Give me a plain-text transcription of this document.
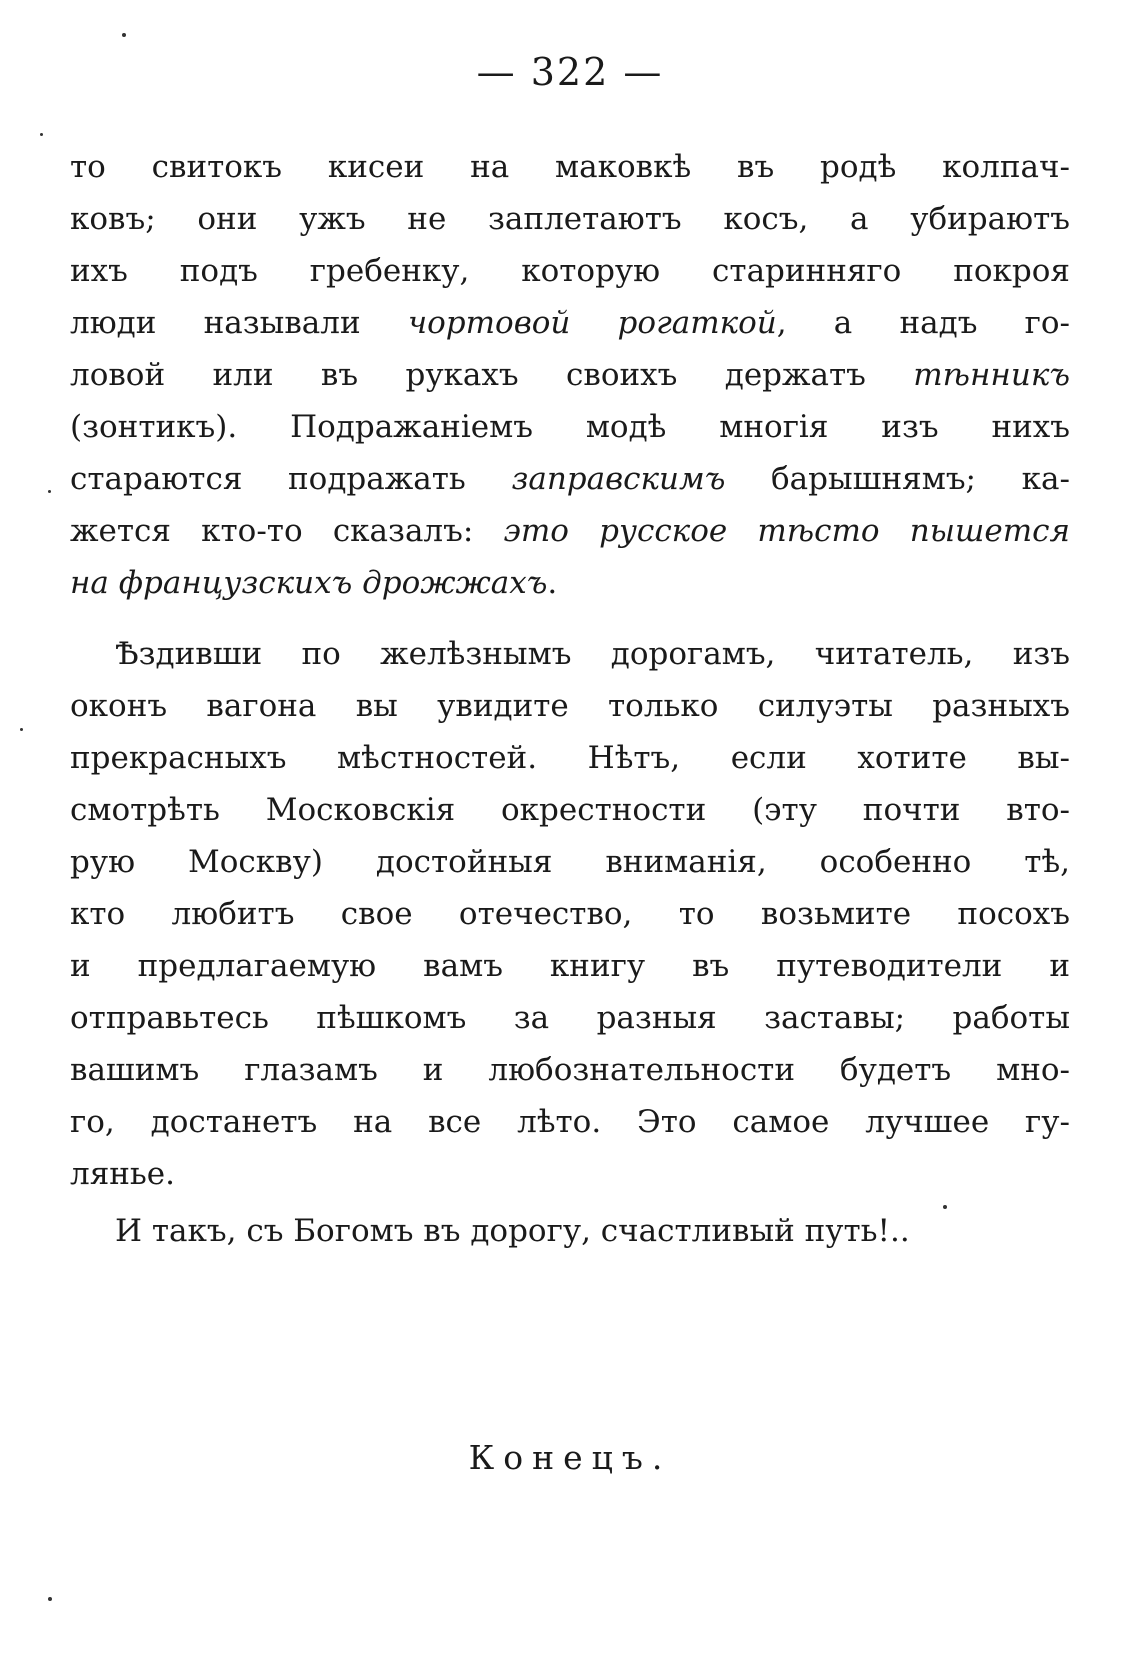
— 322 —
то свитокъ кисеи на маковкѣ въ родѣ колпач-
ковъ; они ужъ не заплетаютъ косъ, а убираютъ
ихъ подъ гребенку, которую старинняго покроя
люди называли чортовой рогаткой, а надъ го-
ловой или въ рукахъ своихъ держатъ тѣнникъ
(зонтикъ). Подражаніемъ модѣ многія изъ нихъ
стараются подражать заправскимъ барышнямъ; ка-
жется кто-то сказалъ: это русское тѣсто пышется
на французскихъ дрожжахъ.
Ѣздивши по желѣзнымъ дорогамъ, читатель, изъ
оконъ вагона вы увидите только силуэты разныхъ
прекрасныхъ мѣстностей. Нѣтъ, если хотите вы-
смотрѣть Московскія окрестности (эту почти вто-
рую Москву) достойныя вниманія, особенно тѣ,
кто любитъ свое отечество, то возьмите посохъ
и предлагаемую вамъ книгу въ путеводители и
отправьтесь пѣшкомъ за разныя заставы; работы
вашимъ глазамъ и любознательности будетъ мно-
го, достанетъ на все лѣто. Это самое лучшее гу-
лянье.
И такъ, съ Богомъ въ дорогу, счастливый путь!..
Конецъ.
